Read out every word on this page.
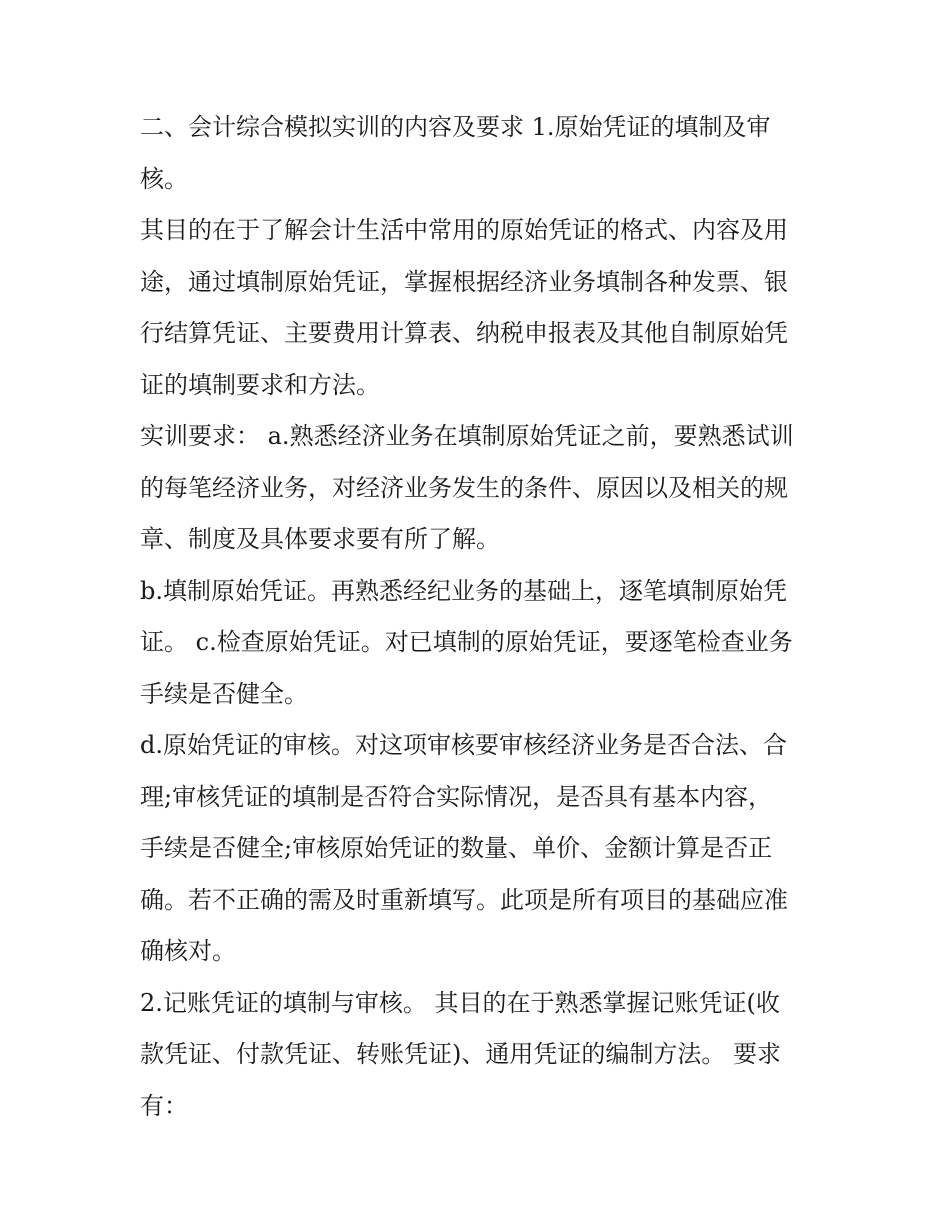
二、会计综合模拟实训的内容及要求 1.原始凭证的填制及审
核。

其目的在于了解会计生活中常用的原始凭证的格式、内容及用
途，通过填制原始凭证，掌握根据经济业务填制各种发票、银
行结算凭证、主要费用计算表、纳税申报表及其他自制原始凭
证的填制要求和方法。

实训要求： a.熟悉经济业务在填制原始凭证之前，要熟悉试训
的每笔经济业务，对经济业务发生的条件、原因以及相关的规
章、制度及具体要求要有所了解。

b.填制原始凭证。再熟悉经纪业务的基础上，逐笔填制原始凭
证。 c.检查原始凭证。对已填制的原始凭证，要逐笔检查业务
手续是否健全。

d.原始凭证的审核。对这项审核要审核经济业务是否合法、合
理;审核凭证的填制是否符合实际情况，是否具有基本内容，
手续是否健全;审核原始凭证的数量、单价、金额计算是否正
确。若不正确的需及时重新填写。此项是所有项目的基础应准
确核对。

2.记账凭证的填制与审核。 其目的在于熟悉掌握记账凭证(收
款凭证、付款凭证、转账凭证)、通用凭证的编制方法。 要求
有：
